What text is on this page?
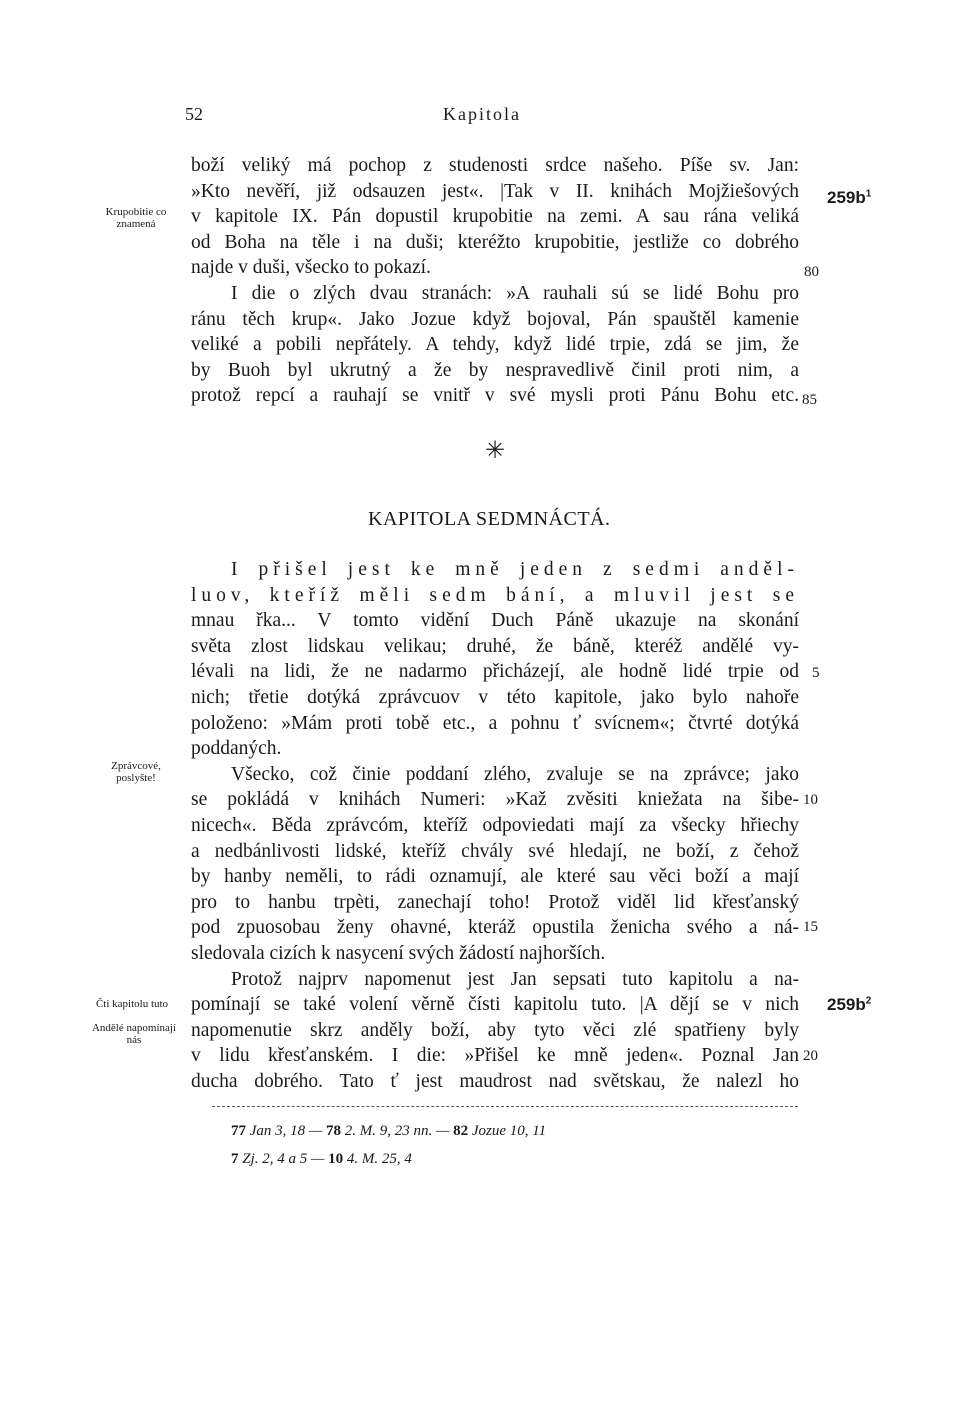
52	Kapitola
boží veliký má pochop z studenosti srdce našeho. Píše sv. Jan:
»Kto nevěří, již odsauzen jest«. |Tak v II. knihách Mojžiešových
v kapitole IX. Pán dopustil krupobitie na zemi. A sau rána veliká
od Boha na těle i na duši; kteréžto krupobitie, jestliže co dobrého
najde v duši, všecko to pokazí.
I die o zlých dvau stranách: »A rauhali sú se lidé Bohu pro
ránu těch krup«. Jako Jozue když bojoval, Pán spauštěl kamenie
veliké a pobili nepřátely. A tehdy, když lidé trpie, zdá se jim, že
by Buoh byl ukrutný a že by nespravedlivě činil proti nim, a
protož repcí a rauhají se vnitř v své mysli proti Pánu Bohu etc.
✳
KAPITOLA SEDMNÁCTÁ.
I přišel jest ke mně jeden z sedmi anděl-
luov, kteříž měli sedm bání, a mluvil jest se
mnau řka... V tomto vidění Duch Páně ukazuje na skonání
světa zlost lidskau velikau; druhé, že báně, kteréž andělé vy-
lévali na lidi, že ne nadarmo přicházejí, ale hodně lidé trpie od
nich; třetie dotýká zprávcuov v této kapitole, jako bylo nahoře
položeno: »Mám proti tobě etc., a pohnu ť svícnem«; čtvrté dotýká
poddaných.
Všecko, což činie poddaní zlého, zvaluje se na zprávce; jako
se pokládá v knihách Numeri: »Kaž zvěsiti kniežata na šibe-
nicech«. Běda zprávcóm, kteříž odpoviedati mají za všecky hřiechy
a nedbánlivosti lidské, kteříž chvály své hledají, ne boží, z čehož
by hanby neměli, to rádi oznamují, ale které sau věci boží a mají
pro to hanbu trpèti, zanechají toho! Protož viděl lid křesťanský
pod zpuosobau ženy ohavné, kteráž opustila ženicha svého a ná-
sledovala cizích k nasycení svých žádostí najhorších.
Protož najprv napomenut jest Jan sepsati tuto kapitolu a na-
pomínají se také volení věrně čísti kapitolu tuto. |A dějí se v nich
napomenutie skrz anděly boží, aby tyto věci zlé spatřieny byly
v lidu křesťanském. I die: »Přišel ke mně jeden«. Poznal Jan
ducha dobrého. Tato ť jest maudrost nad světskau, že nalezl ho
Krupobitie co znamená
Zprávcové, poslyšte!
Čti kapitolu tuto
Andělé napomínají nás
$259b^1$
$259b^2$
80
85
5
10
15
20
77 Jan 3, 18 — 78 2. M. 9, 23 nn. — 82 Jozue 10, 11
7 Zj. 2, 4 a 5 — 10 4. M. 25, 4
